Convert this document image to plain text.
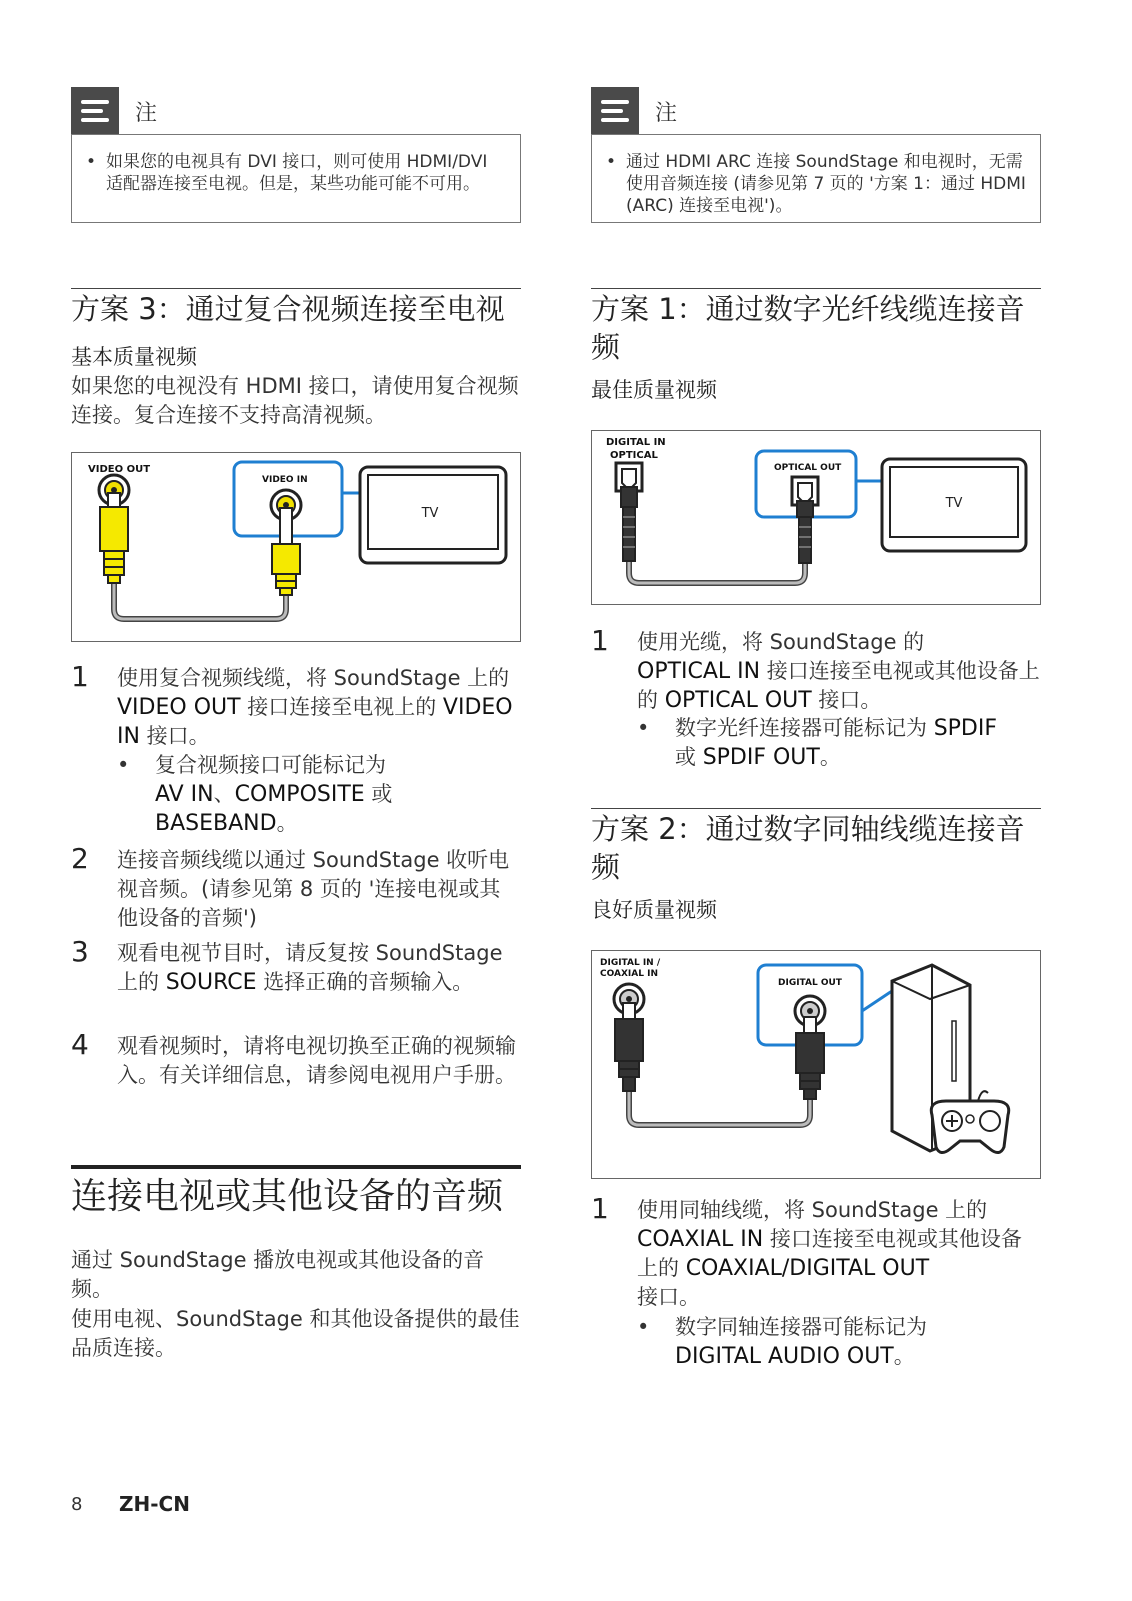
注
• 如果您的电视具有 DVI 接口，则可使用 HDMI/DVI 适配器连接至电视。但是，某些功能可能不可用。
方案 3：通过复合视频连接至电视
基本质量视频
如果您的电视没有 HDMI 接口，请使用复合视频连接。复合连接不支持高清视频。
VIDEO OUT
VIDEO IN
TV
1 使用复合视频线缆，将 SoundStage 上的 VIDEO OUT 接口连接至电视上的 VIDEO IN 接口。
• 复合视频接口可能标记为
AV IN、COMPOSITE 或
BASEBAND。
2 连接音频线缆以通过 SoundStage 收听电视音频。(请参见第 8 页的 '连接电视或其他设备的音频')
3 观看电视节目时，请反复按 SoundStage 上的 SOURCE 选择正确的音频输入。
4 观看视频时，请将电视切换至正确的视频输入。有关详细信息，请参阅电视用户手册。
连接电视或其他设备的音频
通过 SoundStage 播放电视或其他设备的音频。
使用电视、SoundStage 和其他设备提供的最佳品质连接。
8 ZH-CN
注
• 通过 HDMI ARC 连接 SoundStage 和电视时，无需使用音频连接 (请参见第 7 页的 '方案 1：通过 HDMI (ARC) 连接至电视')。
方案 1：通过数字光纤线缆连接音频
最佳质量视频
DIGITAL IN
OPTICAL
OPTICAL OUT
TV
1 使用光缆，将 SoundStage 的
OPTICAL IN 接口连接至电视或其他设备上的 OPTICAL OUT 接口。
• 数字光纤连接器可能标记为 SPDIF
或 SPDIF OUT。
方案 2：通过数字同轴线缆连接音频
良好质量视频
DIGITAL IN /
COAXIAL IN
DIGITAL OUT
1 使用同轴线缆，将 SoundStage 上的
COAXIAL IN 接口连接至电视或其他设备上的 COAXIAL/DIGITAL OUT
接口。
• 数字同轴连接器可能标记为
DIGITAL AUDIO OUT。
